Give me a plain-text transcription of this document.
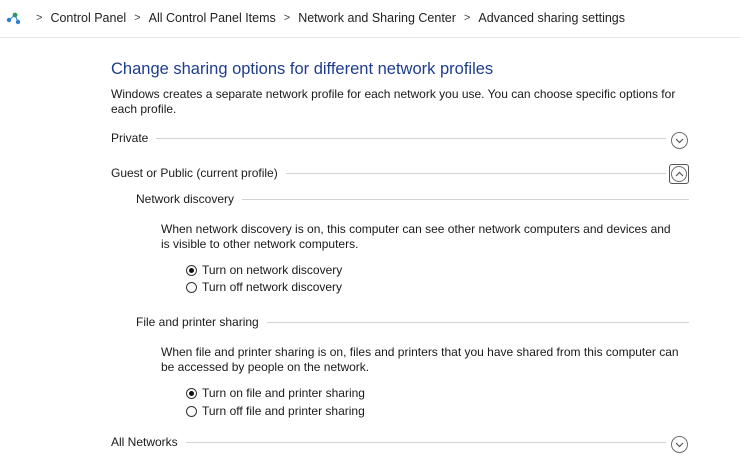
> Control Panel > All Control Panel Items > Network and Sharing Center > Advanced sharing settings
Change sharing options for different network profiles
Windows creates a separate network profile for each network you use. You can choose specific options for each profile.
Private
Guest or Public (current profile)
Network discovery
When network discovery is on, this computer can see other network computers and devices and is visible to other network computers.
Turn on network discovery
Turn off network discovery
File and printer sharing
When file and printer sharing is on, files and printers that you have shared from this computer can be accessed by people on the network.
Turn on file and printer sharing
Turn off file and printer sharing
All Networks
